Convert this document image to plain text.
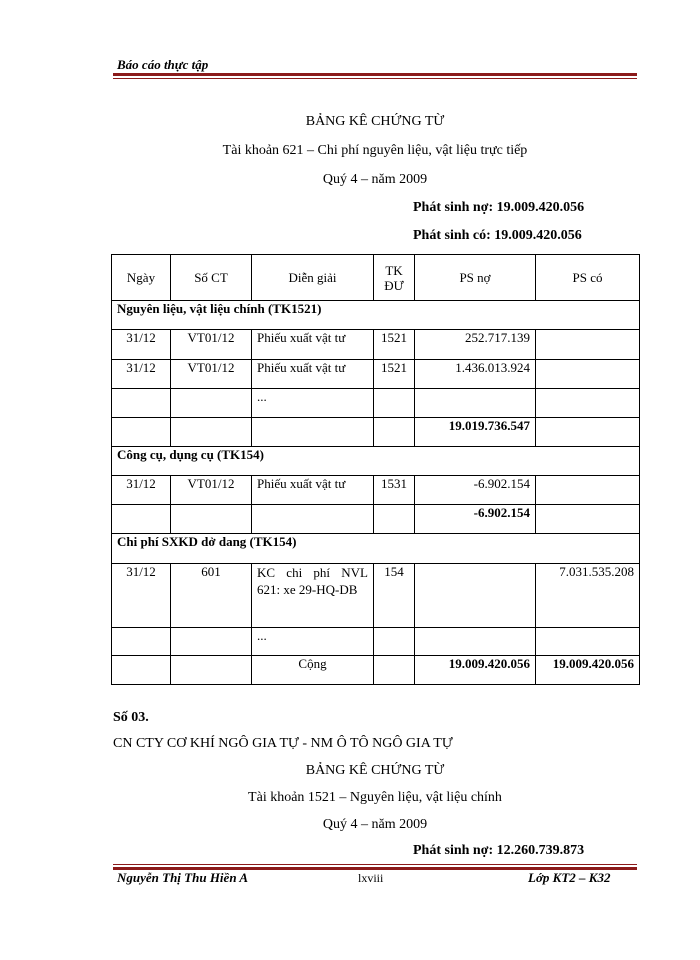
Báo cáo thực tập
BẢNG KÊ CHỨNG TỪ
Tài khoản 621 – Chi phí nguyên liệu, vật liệu trực tiếp
Quý 4 – năm 2009
Phát sinh nợ: 19.009.420.056
Phát sinh có: 19.009.420.056
Ngày	Số CT	Diễn giải	TK ĐƯ	PS nợ	PS có
Nguyên liệu, vật liệu chính (TK1521)					
31/12	VT01/12	Phiếu xuất vật tư	1521	252.717.139	
31/12	VT01/12	Phiếu xuất vật tư	1521	1.436.013.924	
		...			
				19.019.736.547	
Công cụ, dụng cụ (TK154)					
31/12	VT01/12	Phiếu xuất vật tư	1531	-6.902.154	
				-6.902.154	
Chi phí SXKD dở dang (TK154)					
31/12	601	KC chi phí NVL 621: xe 29-HQ-DB	154		7.031.535.208
		...			
		Cộng		19.009.420.056	19.009.420.056
Số 03.
CN CTY CƠ KHÍ NGÔ GIA TỰ - NM Ô TÔ NGÔ GIA TỰ
BẢNG KÊ CHỨNG TỪ
Tài khoản 1521 – Nguyên liệu, vật liệu chính
Quý 4 – năm 2009
Phát sinh nợ: 12.260.739.873
Nguyễn Thị Thu Hiền A	lxviii	Lớp KT2 – K32
